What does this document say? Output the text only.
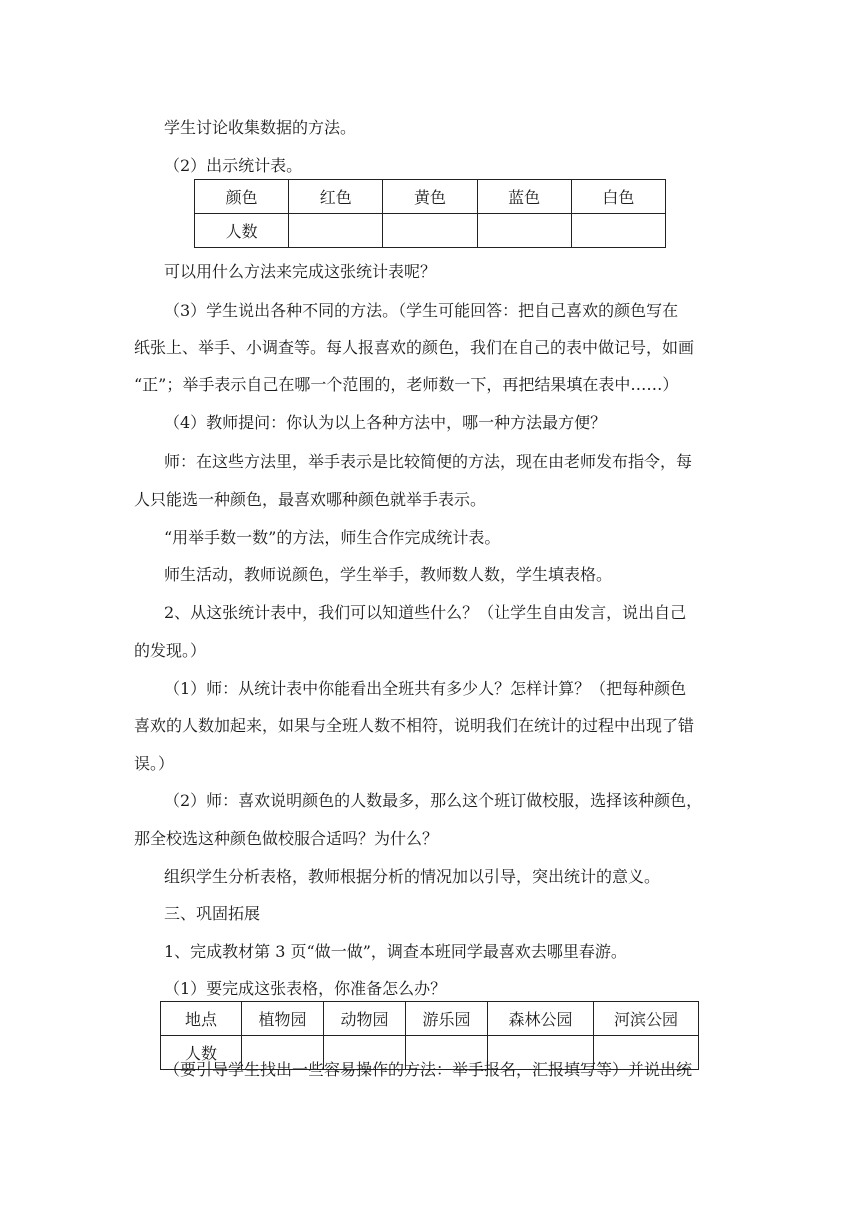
学生讨论收集数据的方法。
（2）出示统计表。
颜色	红色	黄色	蓝色	白色
人数				
可以用什么方法来完成这张统计表呢？
（3）学生说出各种不同的方法。（学生可能回答：把自己喜欢的颜色写在
纸张上、举手、小调查等。每人报喜欢的颜色，我们在自己的表中做记号，如画
“正”；举手表示自己在哪一个范围的，老师数一下，再把结果填在表中……）
（4）教师提问：你认为以上各种方法中，哪一种方法最方便？
师：在这些方法里，举手表示是比较简便的方法，现在由老师发布指令，每
人只能选一种颜色，最喜欢哪种颜色就举手表示。
“用举手数一数”的方法，师生合作完成统计表。
师生活动，教师说颜色，学生举手，教师数人数，学生填表格。
2、从这张统计表中，我们可以知道些什么？（让学生自由发言，说出自己
的发现。）
（1）师：从统计表中你能看出全班共有多少人？怎样计算？（把每种颜色
喜欢的人数加起来，如果与全班人数不相符，说明我们在统计的过程中出现了错
误。）
（2）师：喜欢说明颜色的人数最多，那么这个班订做校服，选择该种颜色，
那全校选这种颜色做校服合适吗？为什么？
组织学生分析表格，教师根据分析的情况加以引导，突出统计的意义。
三、巩固拓展
1、完成教材第 3 页“做一做”，调查本班同学最喜欢去哪里春游。
（1）要完成这张表格，你准备怎么办？
地点	植物园	动物园	游乐园	森林公园	河滨公园
人数					
（要引导学生找出一些容易操作的方法：举手报名，汇报填写等）并说出统
